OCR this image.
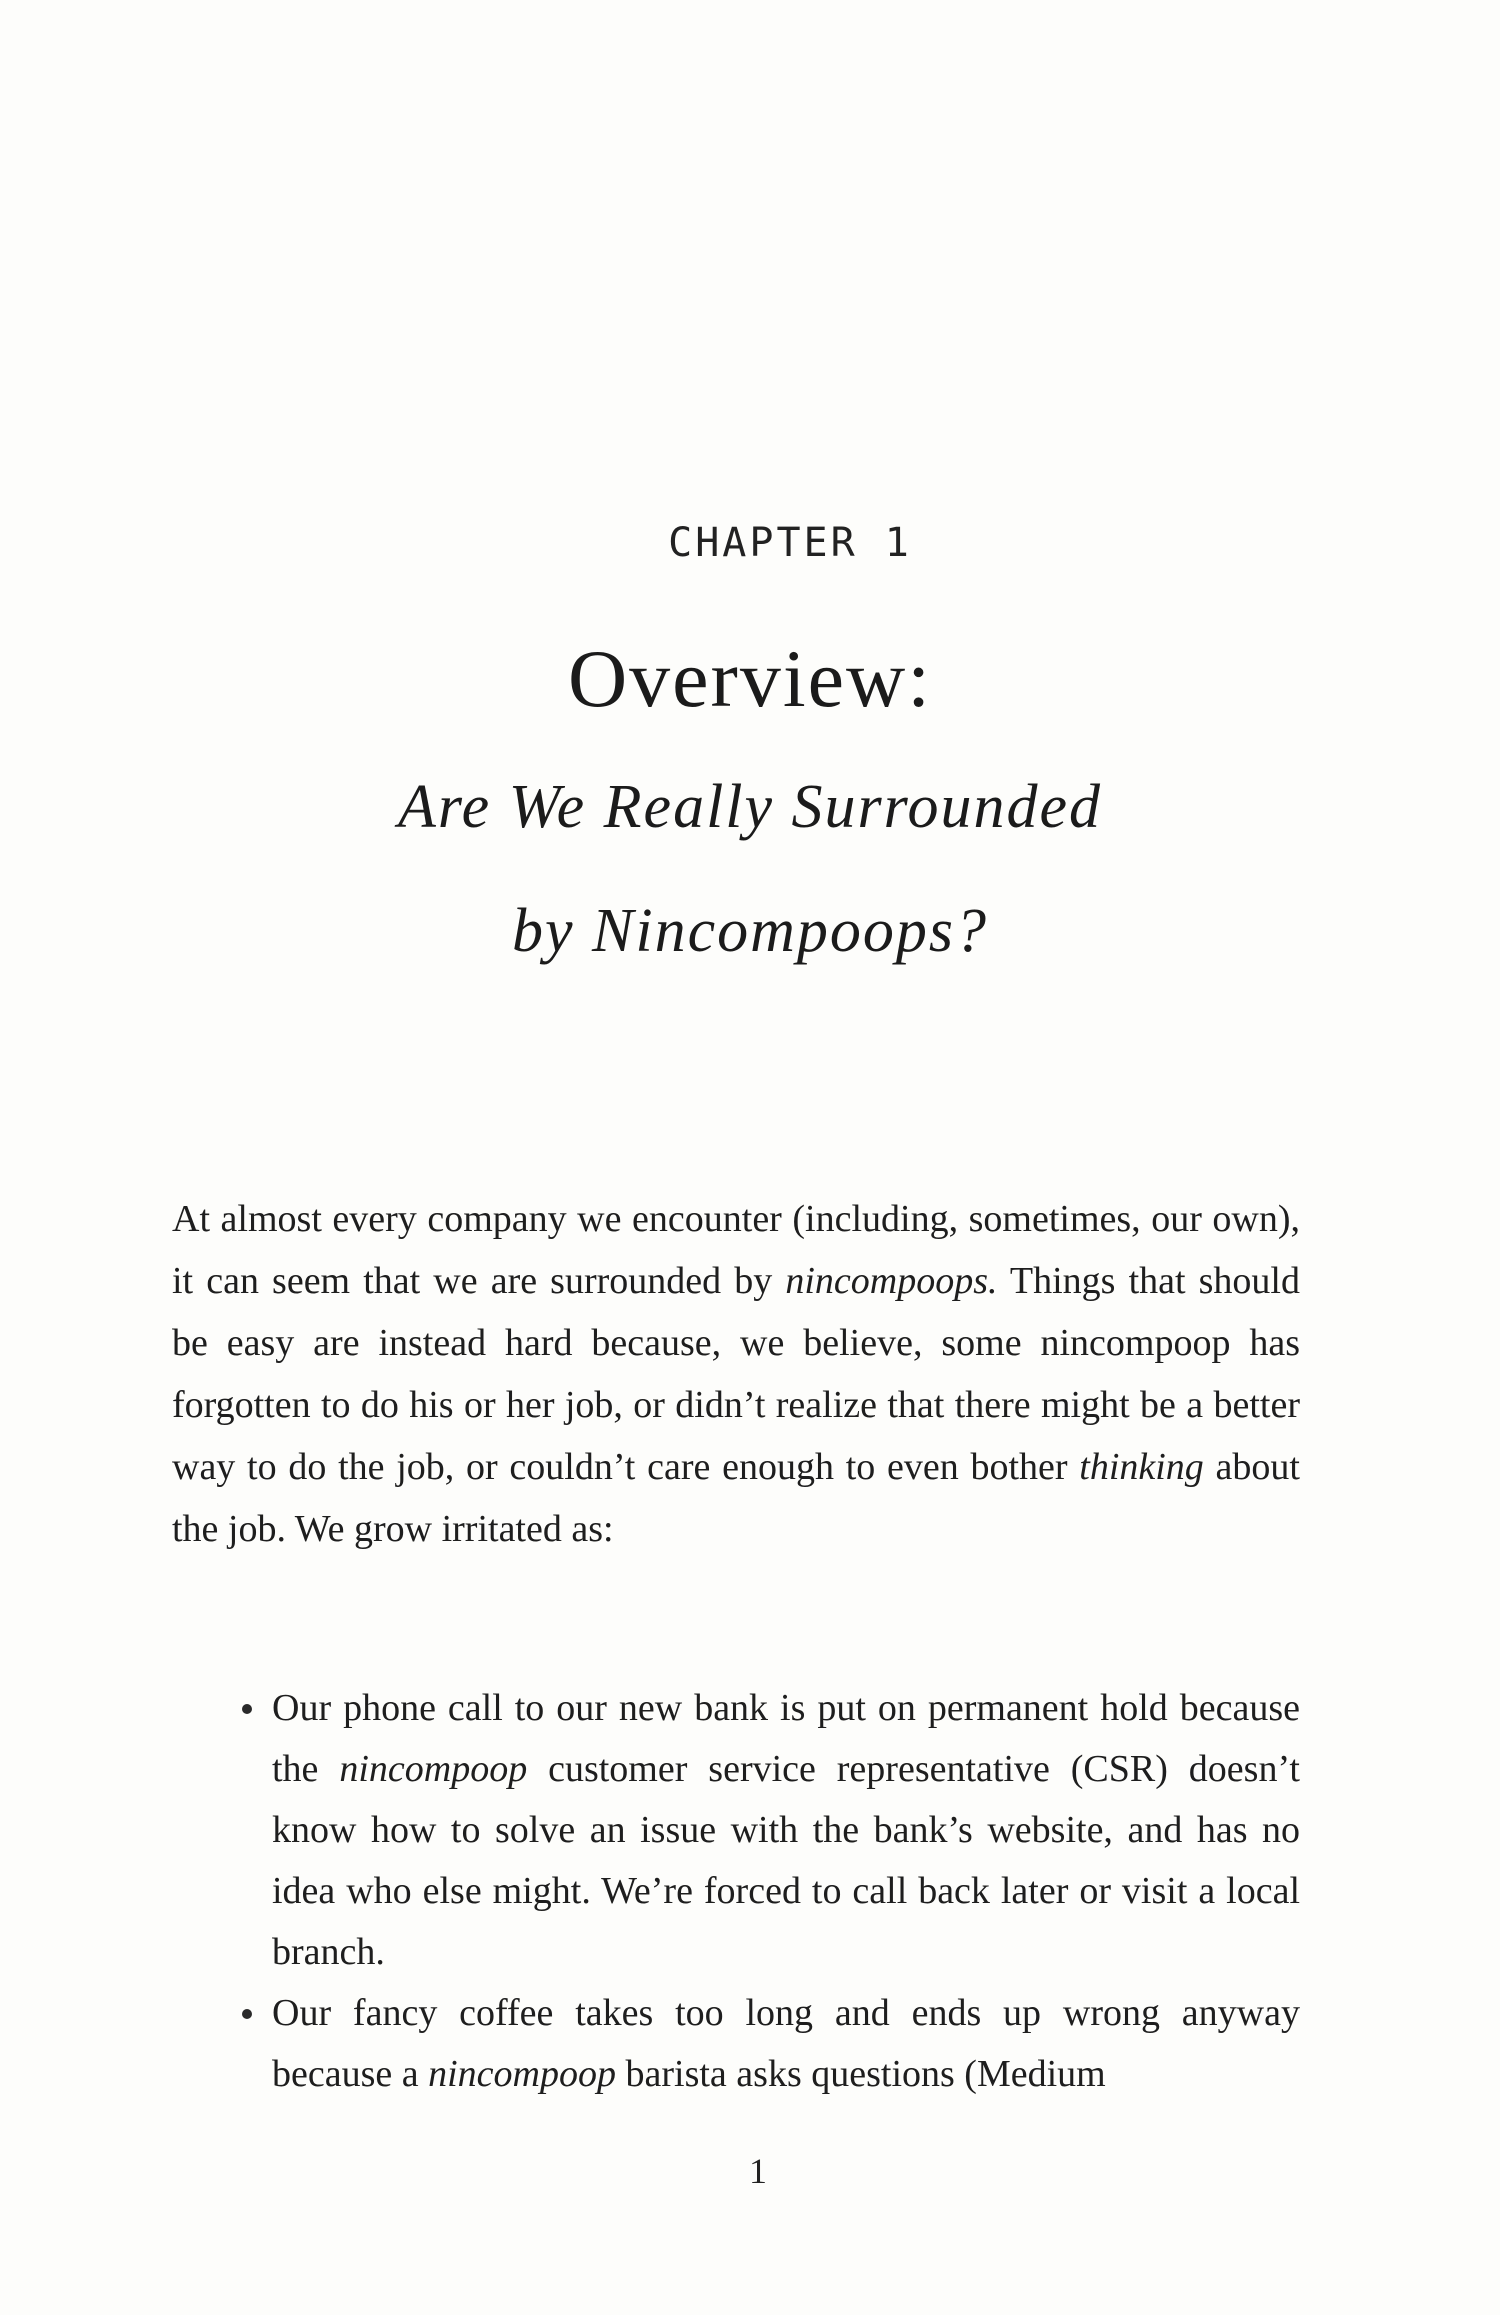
CHAPTER 1
Overview:
Are We Really Surrounded
by Nincompoops?

At almost every company we encounter (including, sometimes, our own), it can seem that we are surrounded by nincompoops. Things that should be easy are instead hard because, we believe, some nincompoop has forgotten to do his or her job, or didn’t realize that there might be a better way to do the job, or couldn’t care enough to even bother thinking about the job. We grow irritated as:

Our phone call to our new bank is put on permanent hold because the nincompoop customer service representative (CSR) doesn’t know how to solve an issue with the bank’s website, and has no idea who else might. We’re forced to call back later or visit a local branch.
Our fancy coffee takes too long and ends up wrong anyway because a nincompoop barista asks questions (Medium
1
